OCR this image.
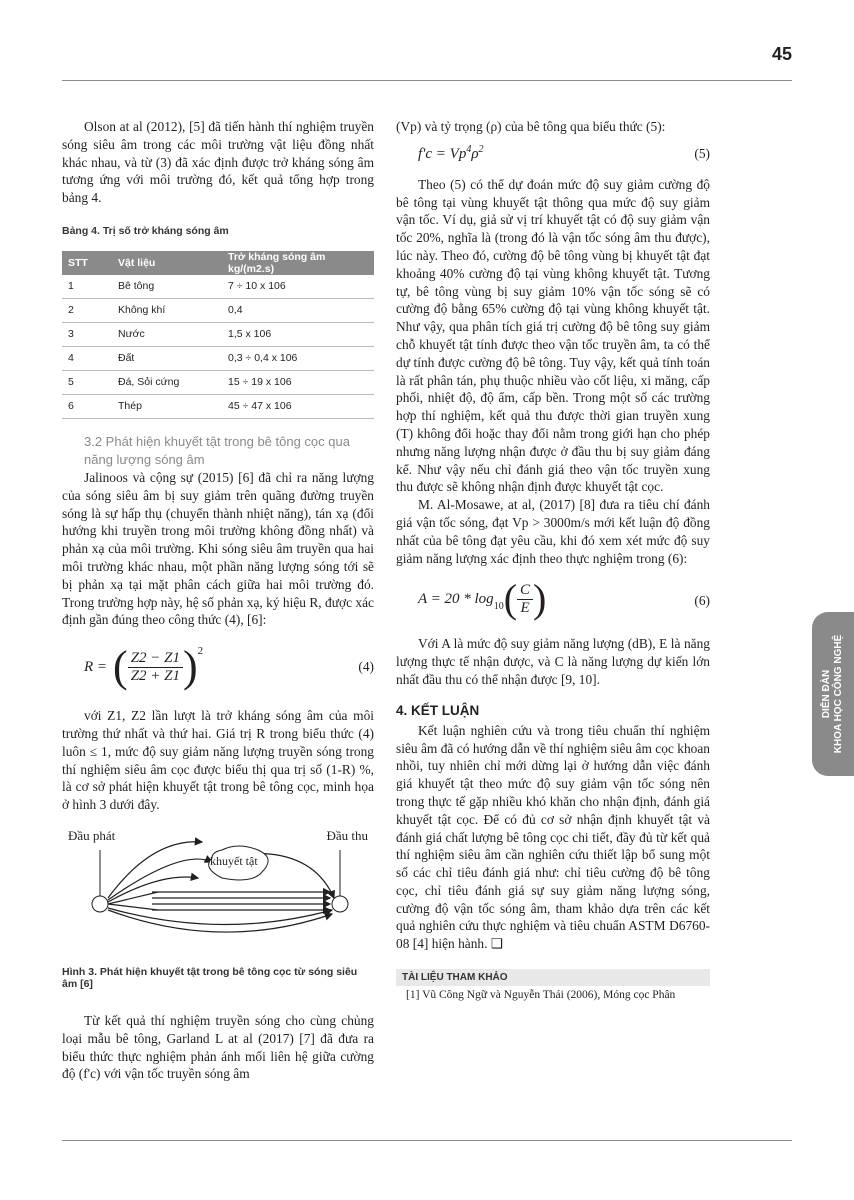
45

Olson at al (2012), [5] đã tiến hành thí nghiệm truyền sóng siêu âm trong các môi trường vật liệu đồng nhất khác nhau, và từ (3) đã xác định được trở kháng sóng âm tương ứng với môi trường đó, kết quả tổng hợp trong bảng 4.

Bảng 4. Trị số trở kháng sóng âm
STT	Vật liệu	Trở kháng sóng âm kg/(m2.s)
1	Bê tông	7 ÷ 10 x 106
2	Không khí	0,4
3	Nước	1,5 x 106
4	Đất	0,3 ÷ 0,4 x 106
5	Đá, Sỏi cứng	15 ÷ 19 x 106
6	Thép	45 ÷ 47 x 106
3.2 Phát hiện khuyết tật trong bê tông cọc qua năng lượng sóng âm

Jalinoos và cộng sự (2015) [6] đã chỉ ra năng lượng của sóng siêu âm bị suy giảm trên quãng đường truyền sóng là sự hấp thụ (chuyển thành nhiệt năng), tán xạ (đổi hướng khi truyền trong môi trường không đồng nhất) và phản xạ của môi trường. Khi sóng siêu âm truyền qua hai môi trường khác nhau, một phần năng lượng sóng tới sẽ bị phản xạ tại mặt phân cách giữa hai môi trường đó. Trong trường hợp này, hệ số phản xạ, ký hiệu R, được xác định gần đúng theo công thức (4), [6]:

R = ( $\frac{Z2 - Z1}{Z2 + Z1}$ ) 2
(4)

với Z1, Z2 lần lượt là trở kháng sóng âm của môi trường thứ nhất và thứ hai. Giá trị R trong biểu thức (4) luôn ≤ 1, mức độ suy giảm năng lượng truyền sóng trong thí nghiệm siêu âm cọc được biểu thị qua trị số (1-R) %, là cơ sở phát hiện khuyết tật trong bê tông cọc, minh họa ở hình 3 dưới đây.

Đầu phát	Đầu thu
khuyết tật
Hình 3. Phát hiện khuyết tật trong bê tông cọc từ sóng siêu âm [6]

Từ kết quả thí nghiệm truyền sóng cho cùng chủng loại mẫu bê tông, Garland L at al (2017) [7] đã đưa ra biểu thức thực nghiệm phản ánh mối liên hệ giữa cường độ (f'c) với vận tốc truyền sóng âm

(Vp) và tỷ trọng (ρ) của bê tông qua biểu thức (5):

$f'c = Vp^4\rho^2$	(5)

Theo (5) có thể dự đoán mức độ suy giảm cường độ bê tông tại vùng khuyết tật thông qua mức độ suy giảm vận tốc. Ví dụ, giả sử vị trí khuyết tật có độ suy giảm vận tốc 20%, nghĩa là (trong đó là vận tốc sóng âm thu được), lúc này. Theo đó, cường độ bê tông vùng bị khuyết tật đạt khoảng 40% cường độ tại vùng không khuyết tật. Tương tự, bê tông vùng bị suy giảm 10% vận tốc sóng sẽ có cường độ bằng 65% cường độ tại vùng không khuyết tật. Như vậy, qua phân tích giá trị cường độ bê tông suy giảm chỗ khuyết tật tính được theo vận tốc truyền âm, ta có thể dự tính được cường độ bê tông. Tuy vậy, kết quả tính toán là rất phân tán, phụ thuộc nhiều vào cốt liệu, xi măng, cấp phối, nhiệt độ, độ ẩm, cấp bền. Trong một số các trường hợp thí nghiệm, kết quả thu được thời gian truyền xung (T) không đổi hoặc thay đổi nằm trong giới hạn cho phép nhưng năng lượng nhận được ở đầu thu bị suy giảm đáng kể. Như vậy nếu chỉ đánh giá theo vận tốc truyền xung thu được sẽ không nhận định được khuyết tật cọc.

M. Al-Mosawe, at al, (2017) [8] đưa ra tiêu chí đánh giá vận tốc sóng, đạt Vp > 3000m/s mới kết luận độ đồng nhất của bê tông đạt yêu cầu, khi đó xem xét mức độ suy giảm năng lượng xác định theo thực nghiệm trong (6):

A = 20 * log 10 ( $\frac{C}{E}$ )	(6)

Với A là mức độ suy giảm năng lượng (dB), E là năng lượng thực tế nhận được, và C là năng lượng dự kiến lớn nhất đầu thu có thể nhận được [9, 10].

4. KẾT LUẬN

Kết luận nghiên cứu và trong tiêu chuẩn thí nghiệm siêu âm đã có hướng dẫn về thí nghiệm siêu âm cọc khoan nhồi, tuy nhiên chỉ mới dừng lại ở hướng dẫn việc đánh giá khuyết tật theo mức độ suy giảm vận tốc sóng nên trong thực tế gặp nhiều khó khăn cho nhận định, đánh giá khuyết tật cọc. Để có đủ cơ sở nhận định khuyết tật và đánh giá chất lượng bê tông cọc chi tiết, đầy đủ từ kết quả thí nghiệm siêu âm cần nghiên cứu thiết lập bổ sung một số các chỉ tiêu đánh giá như: chỉ tiêu cường độ bê tông cọc, chỉ tiêu đánh giá sự suy giảm năng lượng sóng, cường độ vận tốc sóng âm, tham khảo dựa trên các kết quả nghiên cứu thực nghiệm và tiêu chuẩn ASTM D6760- 08 [4] hiện hành. ❑

TÀI LIỆU THAM KHẢO
[1] Vũ Công Ngữ và Nguyễn Thái (2006), Móng cọc Phân
DIỄN ĐÀN KHOA HỌC CÔNG NGHỆ
